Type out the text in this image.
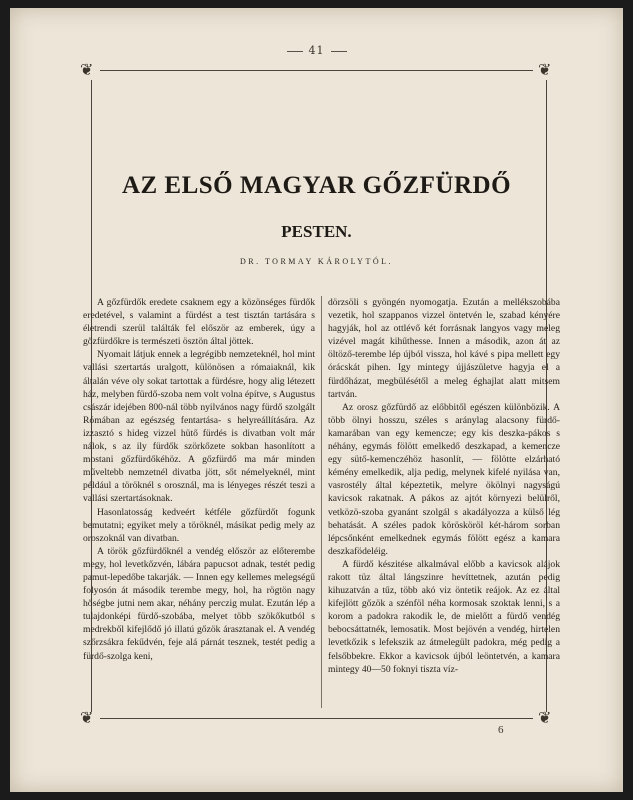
41
❦	❦
❦	❦
AZ ELSŐ MAGYAR GŐZFÜRDŐ
PESTEN.
DR. TORMAY KÁROLYTÓL.

A gőzfürdők eredete csaknem egy a közönséges fürdők eredetével, s valamint a fürdést a test tisztán tartására s életrendi szerül találták fel először az emberek, úgy a gőzfürdőkre is természeti ösztön által jöttek.

Nyomait látjuk ennek a legrégibb nemzeteknél, hol mint vallási szertartás uralgott, különösen a rómaiaknál, kik általán véve oly sokat tartottak a fürdésre, hogy alig létezett ház, melyben fürdő-szoba nem volt volna építve, s Augustus császár idejében 800-nál több nyilvános nagy fürdő szolgált Rómában az egészség fentartása- s helyreállítására. Az izzasztó s hideg vizzel hütő fürdés is divatban volt már nálok, s az ily fürdők szörkőzete sokban hasonlított a mostani gőzfürdőkéhöz. A gőzfürdő ma már minden műveltebb nemzetnél divatba jött, sőt némelyeknél, mint például a töröknél s orosznál, ma is lényeges részét teszi a vallási szertartásoknak.

Hasonlatosság kedveért kétféle gőzfürdőt fogunk bemutatni; egyiket mely a töröknél, másikat pedig mely az oroszoknál van divatban.

A török gőzfürdőknél a vendég először az előterembe megy, hol levetkőzvén, lábára papucsot adnak, testét pedig pamut-lepedőbe takarják. — Innen egy kellemes melegségű folyosón át második terembe megy, hol, ha rögtön nagy hőségbe jutni nem akar, néhány perczig mulat. Ezután lép a tulajdonképi fürdő-szobába, melyet több szökőkutból s medrekből kifejlődő jó illatú gőzök árasztanak el. A vendég szőrzsákra fekűdvén, feje alá párnát tesznek, testét pedig a fürdő-szolga keni,

dörzsöli s gyöngén nyomogatja. Ezután a mellékszobába vezetik, hol szappanos vizzel öntetvén le, szabad kényére hagyják, hol az ottlévő két forrásnak langyos vagy meleg vizével magát kihűthesse. Innen a második, azon át az öltöző-terembe lép újból vissza, hol kávé s pipa mellett egy órácskát pihen. Igy mintegy újjászületve hagyja el a fürdőházat, megbülésétől a meleg éghajlat alatt mitsem tartván.

Az orosz gőzfürdő az előbbitől egészen különbözik. A több ölnyi hosszu, széles s aránylag alacsony fürdő-kamarában van egy kemencze; egy kis deszka-pákos s néhány, egymás fölött emelkedő deszkapad, a kemencze egy sütő-kemenczéhöz hasonlít, — fölötte elzárható kémény emelkedik, alja pedig, melynek kifelé nyilása van, vasrostély által képeztetik, melyre ökölnyi nagyságú kavicsok rakatnak. A pákos az ajtót környezi belülről, vetközö-szoba gyanánt szolgál s akadályozza a külső lég behatását. A széles padok körösköröl két-három sorban lépcsőnként emelkednek egymás fölött egész a kamara deszkafödeléig.

A fürdő készitése alkalmával előbb a kavicsok alájok rakott tüz által lángszinre hevíttetnek, azután pedig kihuzatván a tűz, több akó viz öntetik reájok. Az ez által kifejlött gőzök a szénföl néha kormosak szoktak lenni, s a korom a padokra rakodik le, de mielőtt a fürdő vendég bebocsáttatnék, lemosatik. Most bejövén a vendég, hirtelen levetkőzik s lefekszik az átmelegült padokra, még pedig a felsőbbekre. Ekkor a kavicsok újból leöntetvén, a kamara mintegy 40—50 foknyi tiszta víz-

6
